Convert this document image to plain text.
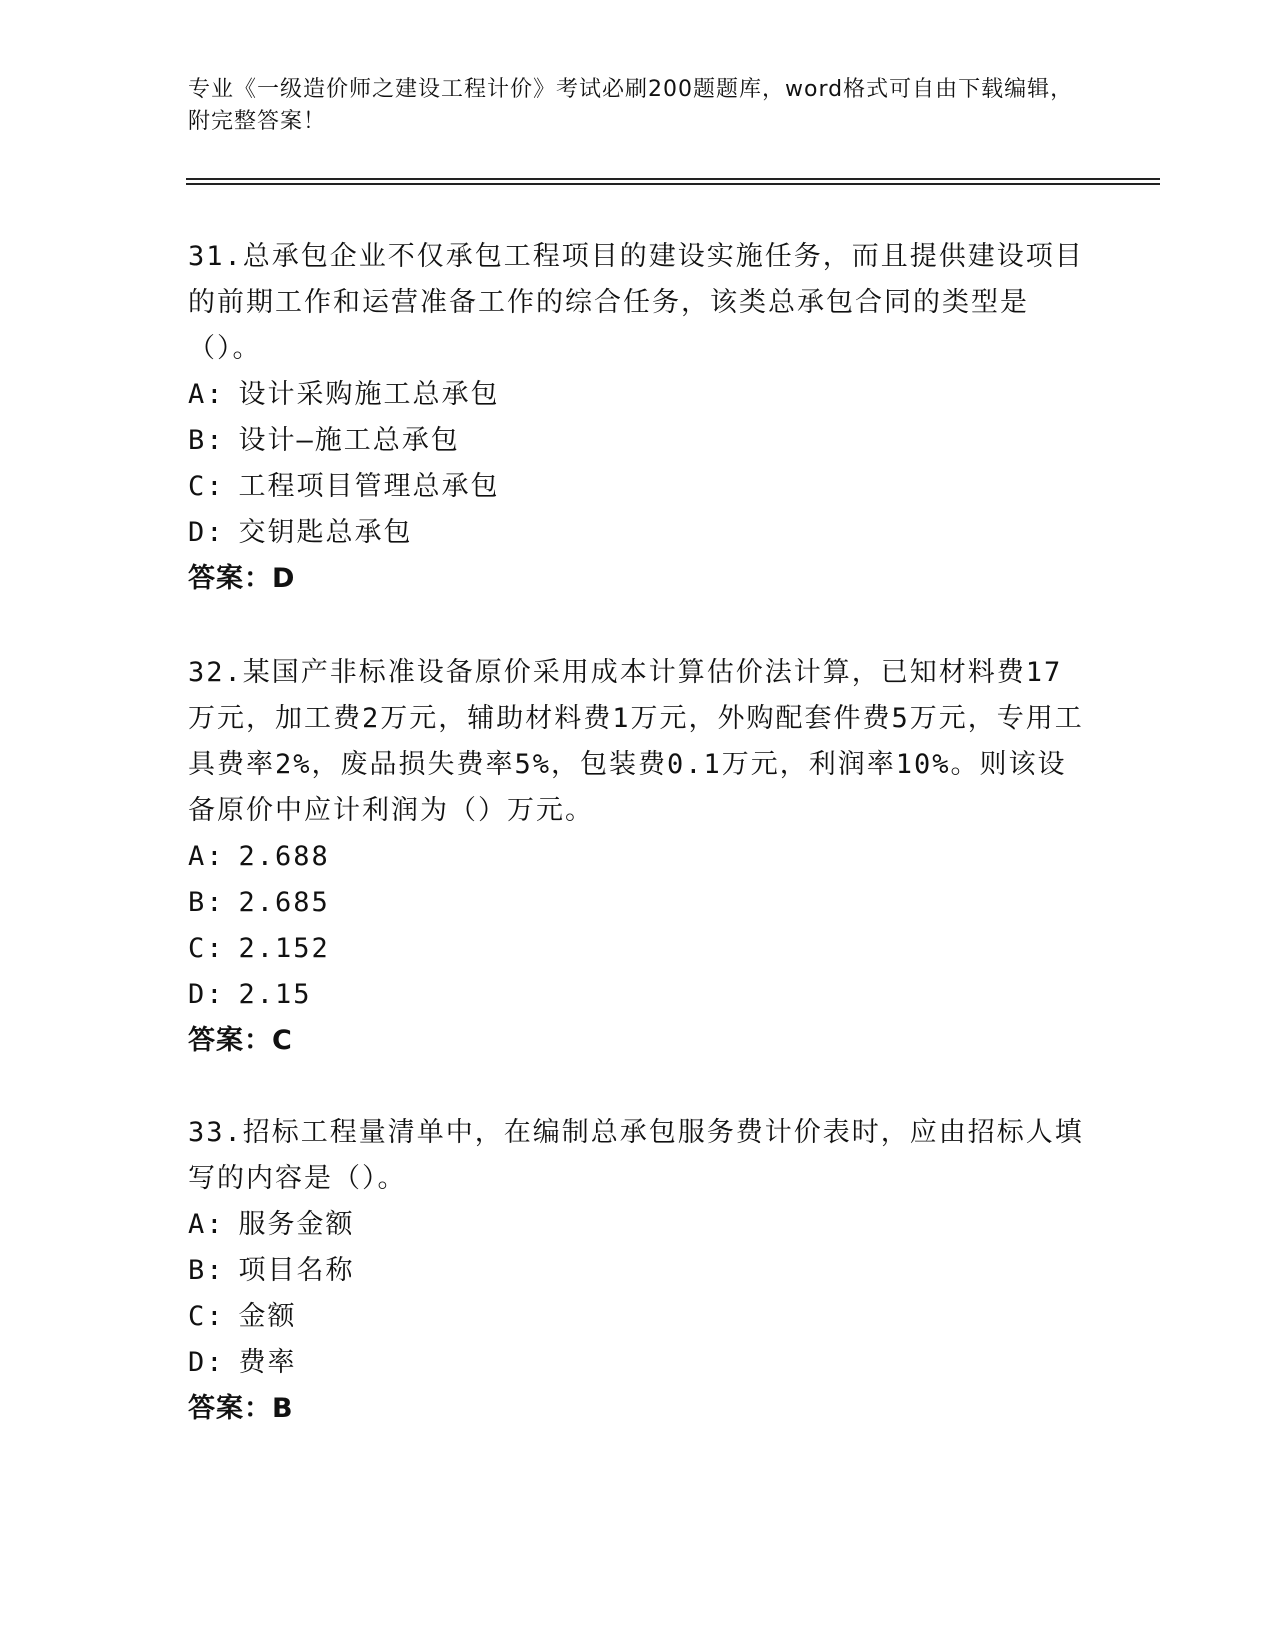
专业《一级造价师之建设工程计价》考试必刷200题题库，word格式可自由下载编辑，附完整答案！
31.总承包企业不仅承包工程项目的建设实施任务，而且提供建设项目的前期工作和运营准备工作的综合任务，该类总承包合同的类型是（）。
A : 设计采购施工总承包
B : 设计—施工总承包
C : 工程项目管理总承包
D : 交钥匙总承包
答案：D
32.某国产非标准设备原价采用成本计算估价法计算，已知材料费17万元，加工费2万元，辅助材料费1万元，外购配套件费5万元，专用工具费率2%，废品损失费率5%，包装费0.1万元，利润率10%。则该设备原价中应计利润为（）万元。
A : 2.688
B : 2.685
C : 2.152
D : 2.15
答案：C
33.招标工程量清单中，在编制总承包服务费计价表时，应由招标人填写的内容是（）。
A : 服务金额
B : 项目名称
C : 金额
D : 费率
答案：B
